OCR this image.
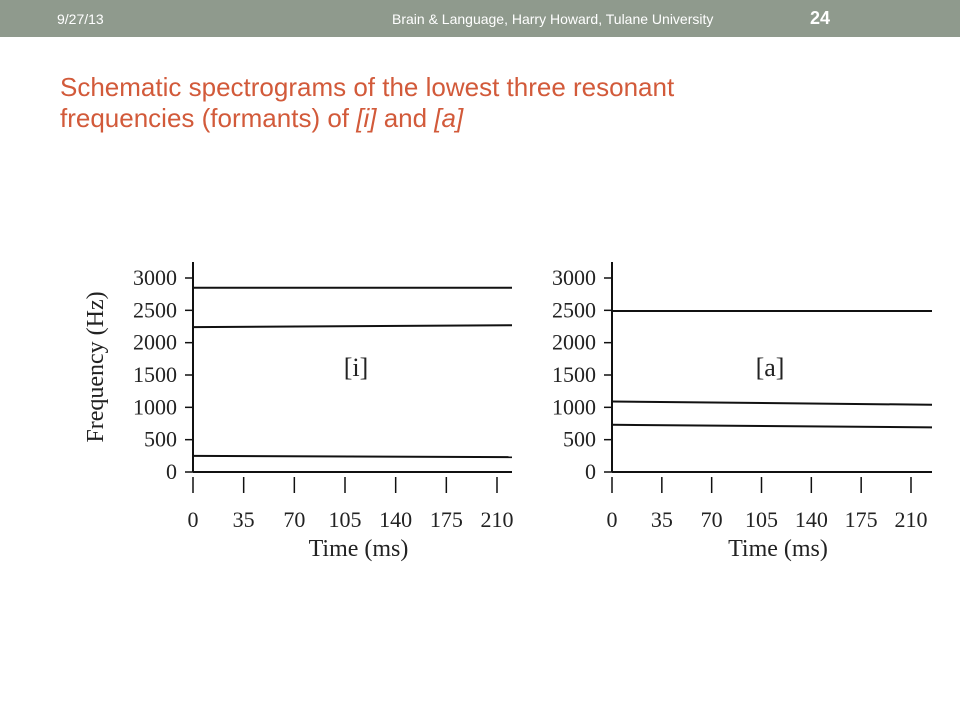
9/27/13	Brain & Language, Harry Howard, Tulane University	24
Schematic spectrograms of the lowest three resonant
frequencies (formants) of [i] and [a]
0
500
1000
1500
2000
2500
3000
0 35 70 105 140 175 210
Time (ms)
Frequency (Hz)	[i]
0
500
1000
1500
2000
2500
3000
0 35 70 105 140 175 210
Time (ms)
[a]
